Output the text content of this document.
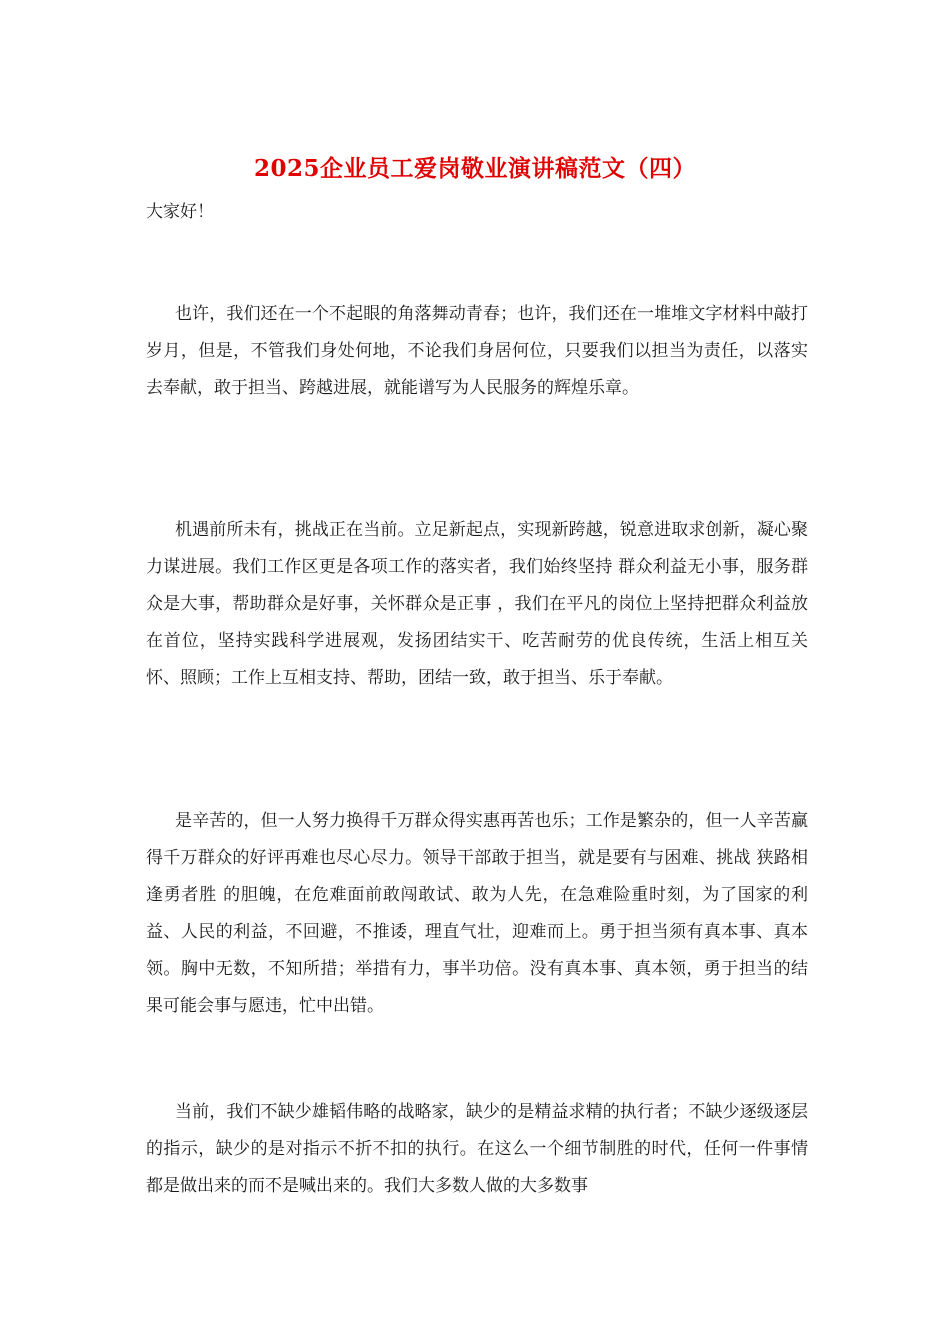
2025企业员工爱岗敬业演讲稿范文（四）
大家好！

也许，我们还在一个不起眼的角落舞动青春；也许，我们还在一堆堆文字材料中敲打岁月，但是，不管我们身处何地，不论我们身居何位，只要我们以担当为责任，以落实去奉献，敢于担当、跨越进展，就能谱写为人民服务的辉煌乐章。

机遇前所未有，挑战正在当前。立足新起点，实现新跨越，锐意进取求创新，凝心聚力谋进展。我们工作区更是各项工作的落实者，我们始终坚持 群众利益无小事，服务群众是大事，帮助群众是好事，关怀群众是正事 ，我们在平凡的岗位上坚持把群众利益放在首位，坚持实践科学进展观，发扬团结实干、吃苦耐劳的优良传统，生活上相互关怀、照顾；工作上互相支持、帮助，团结一致，敢于担当、乐于奉献。

是辛苦的，但一人努力换得千万群众得实惠再苦也乐；工作是繁杂的，但一人辛苦赢得千万群众的好评再难也尽心尽力。领导干部敢于担当，就是要有与困难、挑战 狭路相逢勇者胜 的胆魄，在危难面前敢闯敢试、敢为人先，在急难险重时刻，为了国家的利益、人民的利益，不回避，不推诿，理直气壮，迎难而上。勇于担当须有真本事、真本领。胸中无数，不知所措；举措有力，事半功倍。没有真本事、真本领，勇于担当的结果可能会事与愿违，忙中出错。

当前，我们不缺少雄韬伟略的战略家，缺少的是精益求精的执行者；不缺少逐级逐层的指示，缺少的是对指示不折不扣的执行。在这么一个细节制胜的时代，任何一件事情都是做出来的而不是喊出来的。我们大多数人做的大多数事
